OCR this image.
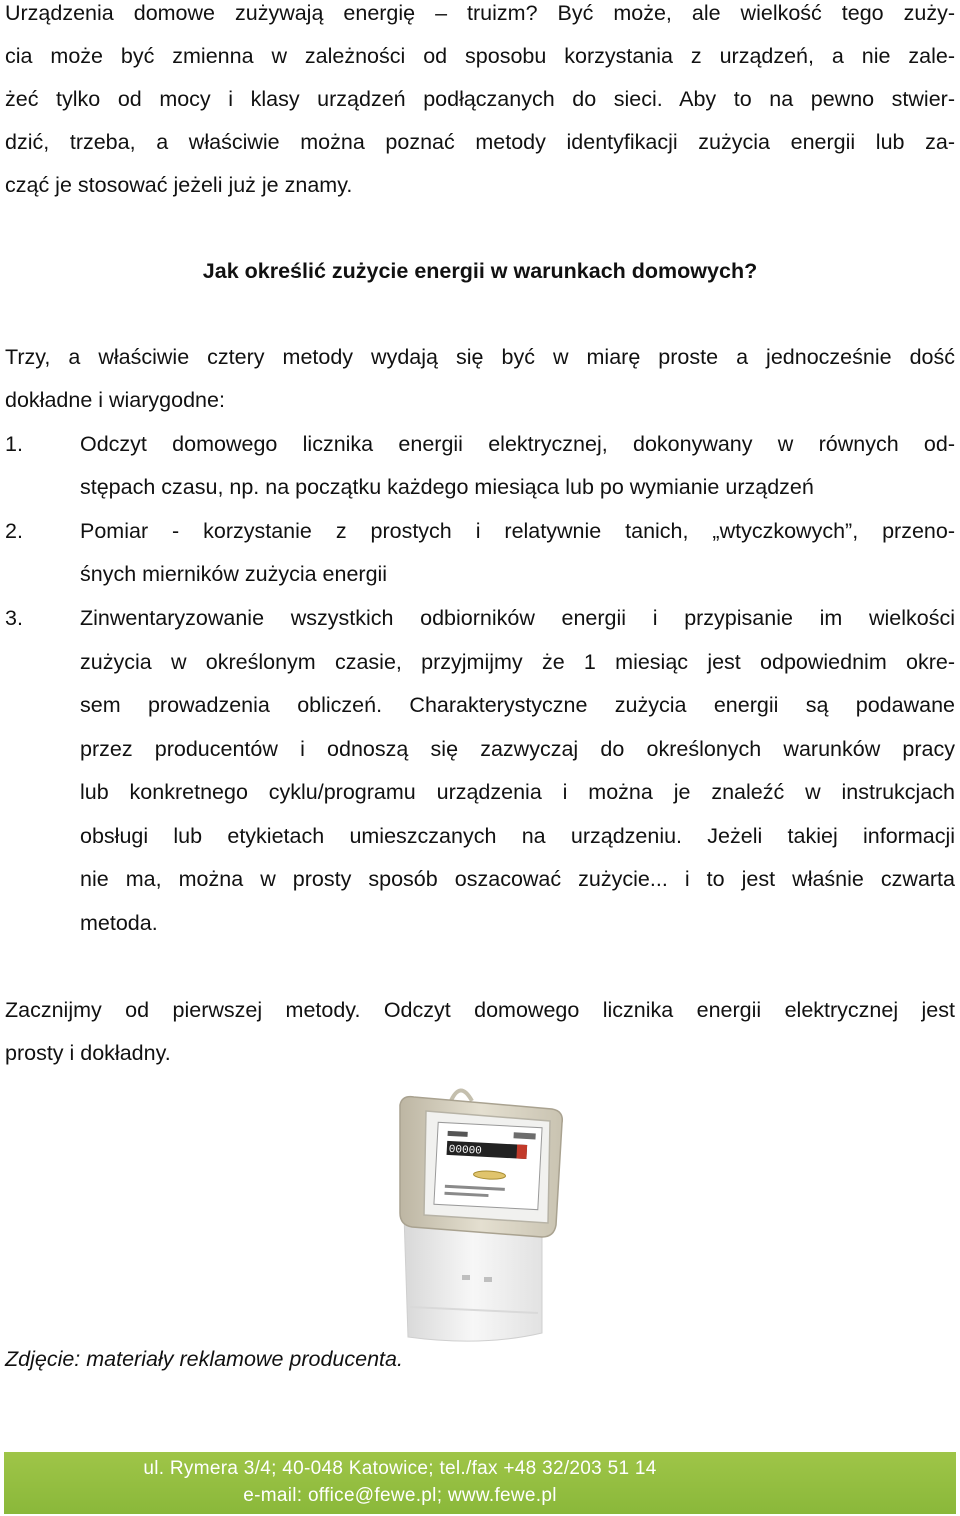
Urządzenia domowe zużywają energię – truizm? Być może, ale wielkość tego zuży-
cia może być zmienna w zależności od sposobu korzystania z urządzeń, a nie zale-
żeć tylko od mocy i klasy urządzeń podłączanych do sieci. Aby to na pewno stwier-
dzić, trzeba, a właściwie można poznać metody identyfikacji zużycia energii lub za-
cząć je stosować jeżeli już je znamy.
Jak określić zużycie energii w warunkach domowych?
Trzy, a właściwie cztery metody wydają się być w miarę proste a jednocześnie dość
dokładne i wiarygodne:
1.	Odczyt domowego licznika energii elektrycznej, dokonywany w równych od-
stępach czasu, np. na początku każdego miesiąca lub po wymianie urządzeń
2.	Pomiar - korzystanie z prostych i relatywnie tanich, „wtyczkowych”, przeno-
śnych mierników zużycia energii
3.	Zinwentaryzowanie wszystkich odbiorników energii i przypisanie im wielkości
zużycia w określonym czasie, przyjmijmy że 1 miesiąc jest odpowiednim okre-
sem prowadzenia obliczeń. Charakterystyczne zużycia energii są podawane
przez producentów i odnoszą się zazwyczaj do określonych warunków pracy
lub konkretnego cyklu/programu urządzenia i można je znaleźć w instrukcjach
obsługi lub etykietach umieszczanych na urządzeniu. Jeżeli takiej informacji
nie ma, można w prosty sposób oszacować zużycie... i to jest właśnie czwarta
metoda.
Zacznijmy od pierwszej metody. Odczyt domowego licznika energii elektrycznej jest
prosty i dokładny.
00000
Zdjęcie: materiały reklamowe producenta.
ul. Rymera 3/4; 40-048 Katowice; tel./fax +48 32/203 51 14
e-mail: office@fewe.pl; www.fewe.pl
